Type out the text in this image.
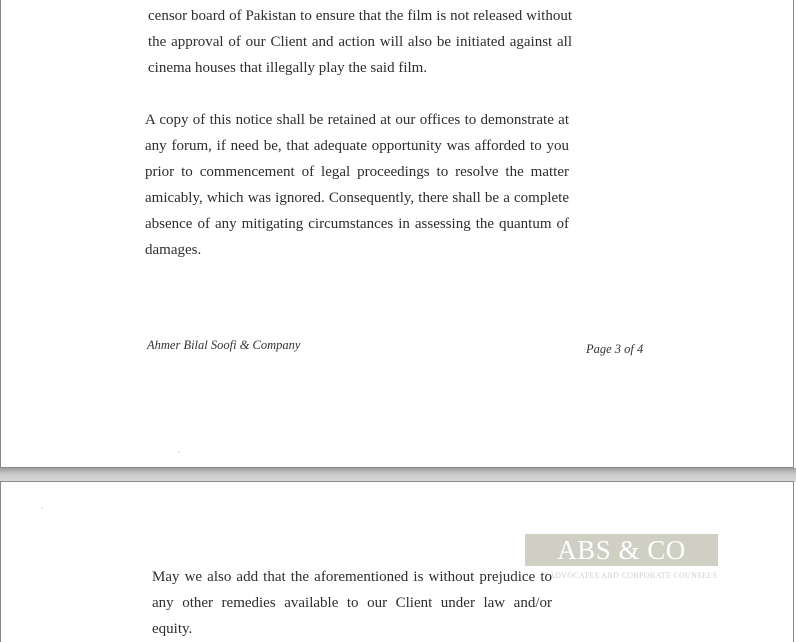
censor board of Pakistan to ensure that the film is not released without the approval of our Client and action will also be initiated against all cinema houses that illegally play the said film.

A copy of this notice shall be retained at our offices to demonstrate at any forum, if need be, that adequate opportunity was afforded to you prior to commencement of legal proceedings to resolve the matter amicably, which was ignored. Consequently, there shall be a complete absence of any mitigating circumstances in assessing the quantum of damages.

Ahmer Bilal Soofi & Company	Page 3 of 4
ABS & CO
ADVOCATES AND CORPORATE COUNSELS

May we also add that the aforementioned is without prejudice to any other remedies available to our Client under law and/or equity.
